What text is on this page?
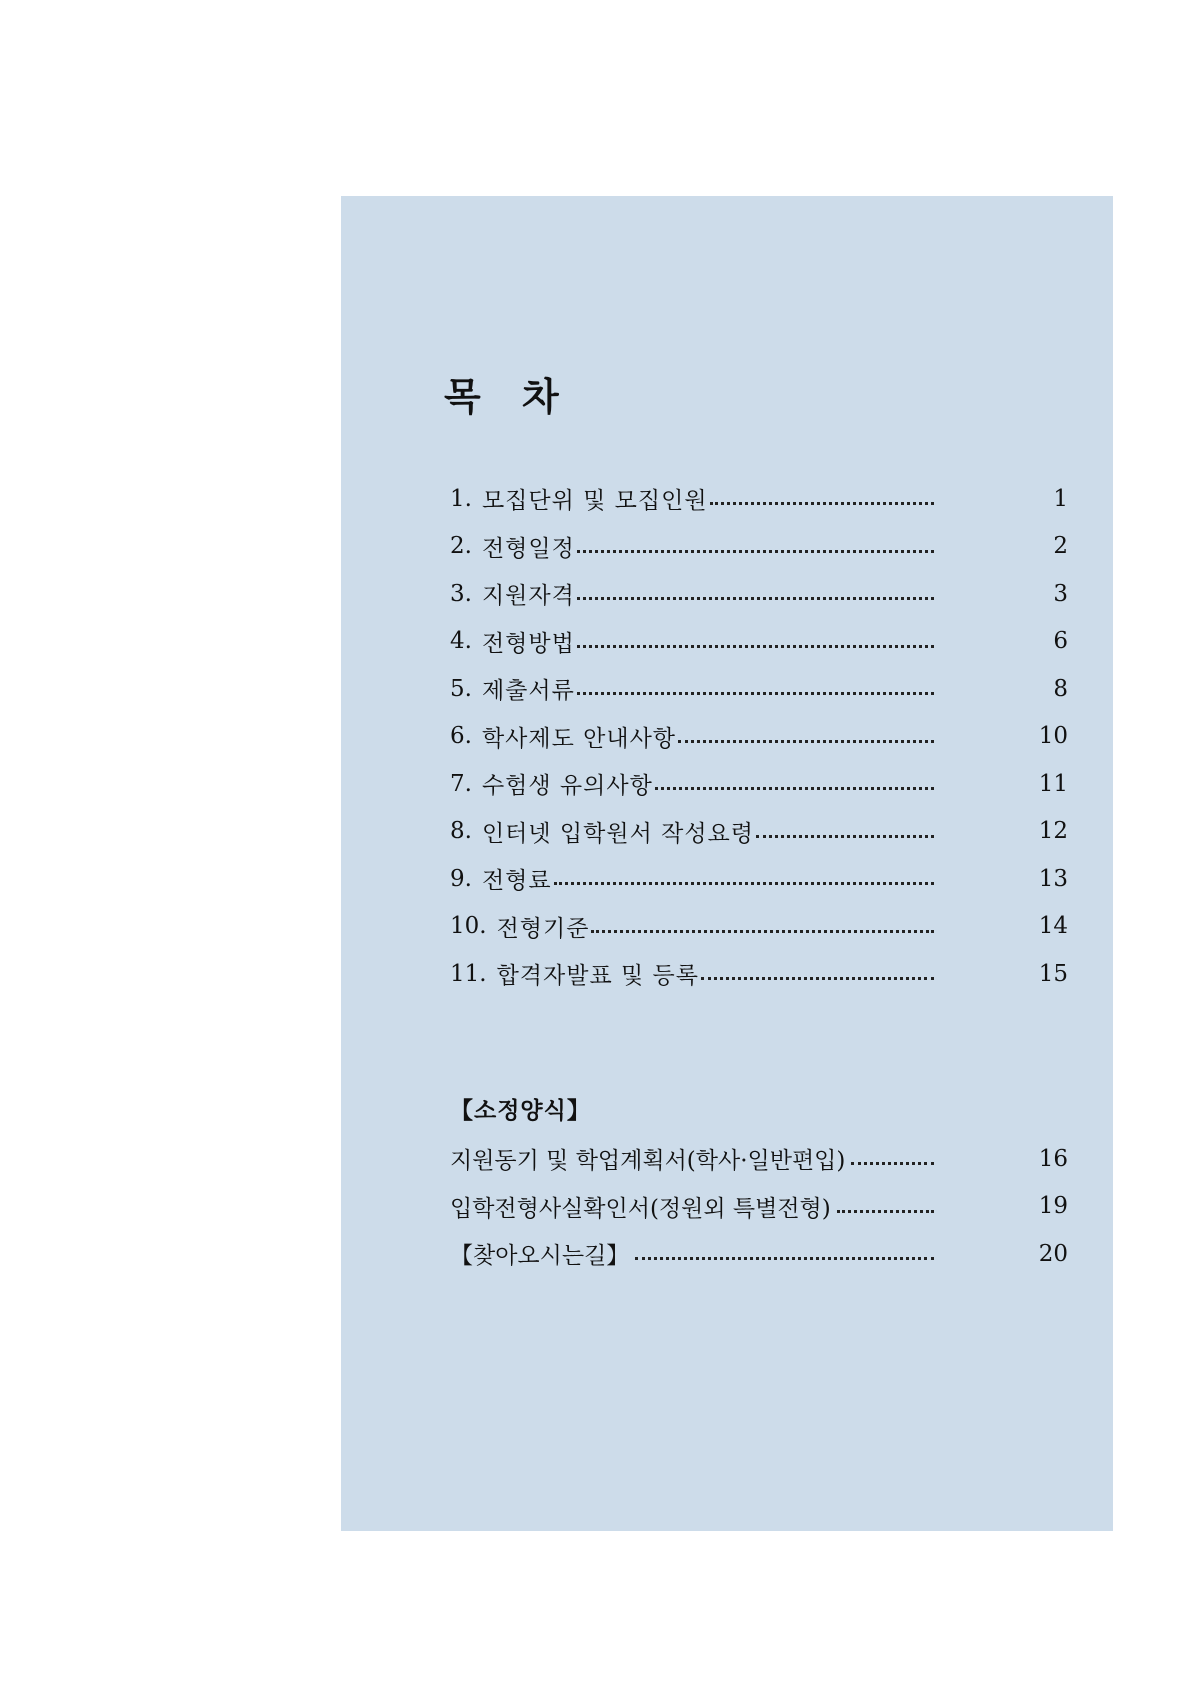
목 차
1. 모집단위 및 모집인원	1
2. 전형일정	2
3. 지원자격	3
4. 전형방법	6
5. 제출서류	8
6. 학사제도 안내사항	10
7. 수험생 유의사항	11
8. 인터넷 입학원서 작성요령	12
9. 전형료	13
10. 전형기준	14
11. 합격자발표 및 등록	15
【소정양식】
지원동기 및 학업계획서(학사·일반편입)	16
입학전형사실확인서(정원외 특별전형)	19
【찾아오시는길】	20
